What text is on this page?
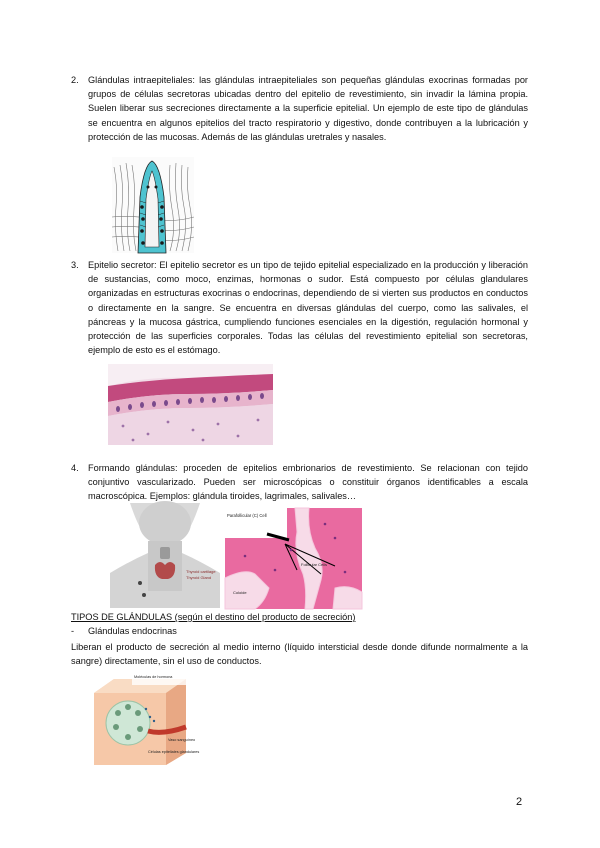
2. Glándulas intraepiteliales: las glándulas intraepiteliales son pequeñas glándulas exocrinas formadas por grupos de células secretoras ubicadas dentro del epitelio de revestimiento, sin invadir la lámina propia. Suelen liberar sus secreciones directamente a la superficie epitelial. Un ejemplo de este tipo de glándulas se encuentra en algunos epitelios del tracto respiratorio y digestivo, donde contribuyen a la lubricación y protección de las mucosas. Además de las glándulas uretrales y nasales.
3. Epitelio secretor: El epitelio secretor es un tipo de tejido epitelial especializado en la producción y liberación de sustancias, como moco, enzimas, hormonas o sudor. Está compuesto por células glandulares organizadas en estructuras exocrinas o endocrinas, dependiendo de si vierten sus productos en conductos o directamente en la sangre. Se encuentra en diversas glándulas del cuerpo, como las salivales, el páncreas y la mucosa gástrica, cumpliendo funciones esenciales en la digestión, regulación hormonal y protección de las superficies corporales. Todas las células del revestimiento epitelial son secretoras, ejemplo de esto es el estómago.
4. Formando glándulas: proceden de epitelios embrionarios de revestimiento. Se relacionan con tejido conjuntivo vascularizado. Pueden ser microscópicas o constituir órganos identificables a escala macroscópica. Ejemplos: glándula tiroides, lagrimales, salivales…
Thyroid cartilage
Thyroid Gland
Parafollicular (C) Cell
Follicular Cells
Coloide
TIPOS DE GLÁNDULAS (según el destino del producto de secreción)
- Glándulas endocrinas
Liberan el producto de secreción al medio interno (líquido intersticial desde donde difunde normalmente a la sangre) directamente, sin el uso de conductos.
Moléculas de hormona
Vaso sanguíneo
Células epiteliales glandulares
2
